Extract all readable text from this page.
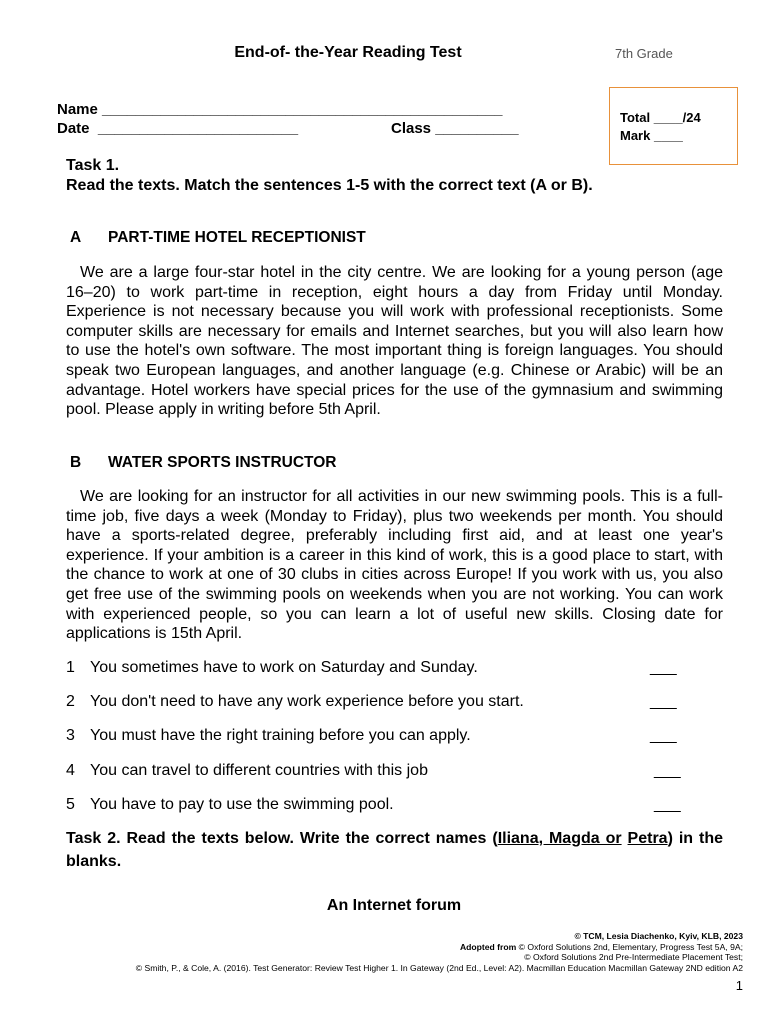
End-of- the-Year Reading Test	7th Grade
Name ________________________________________________
Date  ________________________	Class __________
Total ____/24
Mark ____
Task 1.
Read the texts. Match the sentences 1-5 with the correct text (A or B).
A PART-TIME HOTEL RECEPTIONIST
We are a large four-star hotel in the city centre. We are looking for a young person (age 16–20) to work part-time in reception, eight hours a day from Friday until Monday. Experience is not necessary because you will work with professional receptionists. Some computer skills are necessary for emails and Internet searches, but you will also learn how to use the hotel's own software. The most important thing is foreign languages. You should speak two European languages, and another language (e.g. Chinese or Arabic) will be an advantage. Hotel workers have special prices for the use of the gymnasium and swimming pool. Please apply in writing before 5th April.
B WATER SPORTS INSTRUCTOR
We are looking for an instructor for all activities in our new swimming pools. This is a full-time job, five days a week (Monday to Friday), plus two weekends per month. You should have a sports-related degree, preferably including first aid, and at least one year's experience. If your ambition is a career in this kind of work, this is a good place to start, with the chance to work at one of 30 clubs in cities across Europe! If you work with us, you also get free use of the swimming pools on weekends when you are not working. You can work with experienced people, so you can learn a lot of useful new skills. Closing date for applications is 15th April.
1 You sometimes have to work on Saturday and Sunday.	___
2 You don't need to have any work experience before you start.	___
3 You must have the right training before you can apply.	___
4 You can travel to different countries with this job	___
5 You have to pay to use the swimming pool.	___
Task 2. Read the texts below. Write the correct names (Iliana, Magda or Petra) in the blanks.
An Internet forum
© TCM, Lesia Diachenko, Kyiv, KLB, 2023
Adopted from © Oxford Solutions 2nd, Elementary, Progress Test 5A, 9A;
© Oxford Solutions 2nd Pre-Intermediate Placement Test;
© Smith, P., & Cole, A. (2016). Test Generator: Review Test Higher 1. In Gateway (2nd Ed., Level: A2). Macmillan Education Macmillan Gateway 2ND edition A2
1
